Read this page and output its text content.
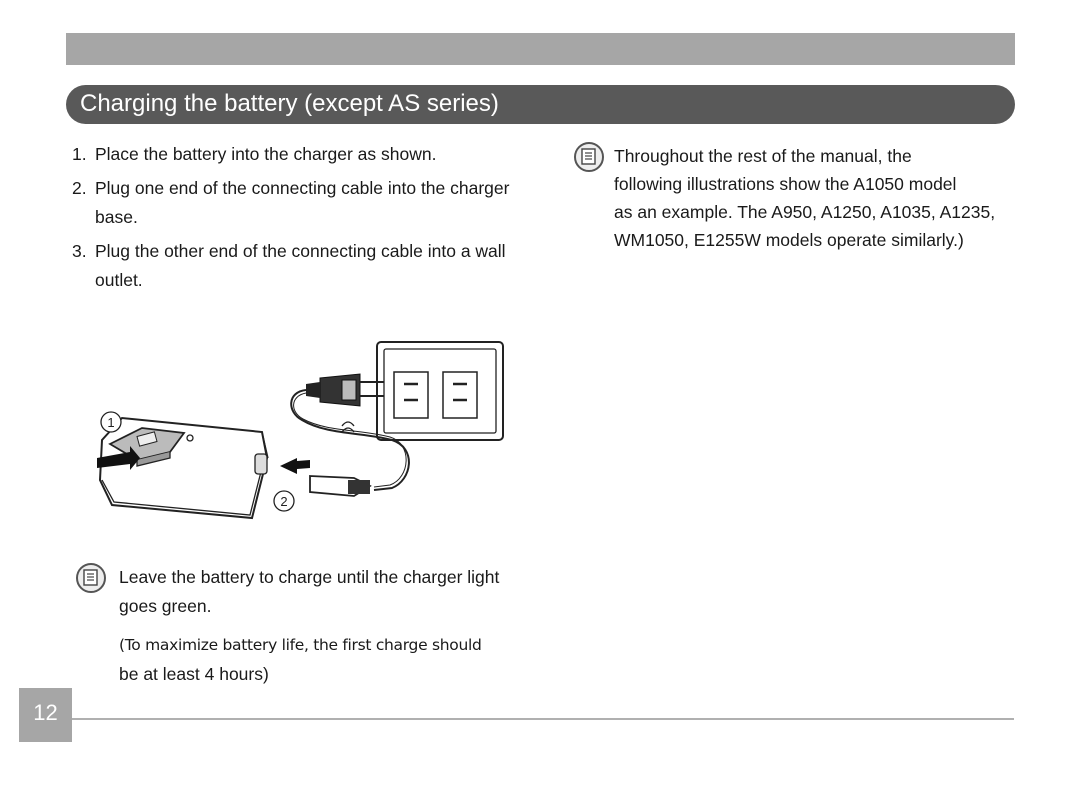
Charging the battery (except AS series)
1. Place the battery into the charger as shown.
2. Plug one end of the connecting cable into the charger
base.
3. Plug the other end of the connecting cable into a wall
outlet.
Throughout the rest of the manual, the
following illustrations show the A1050 model
as an example. The A950, A1250, A1035, A1235,
WM1050, E1255W models operate similarly.)
1
2
Leave the battery to charge until the charger light
goes green.
(To maximize battery life, the first charge should
be at least 4 hours)
12
